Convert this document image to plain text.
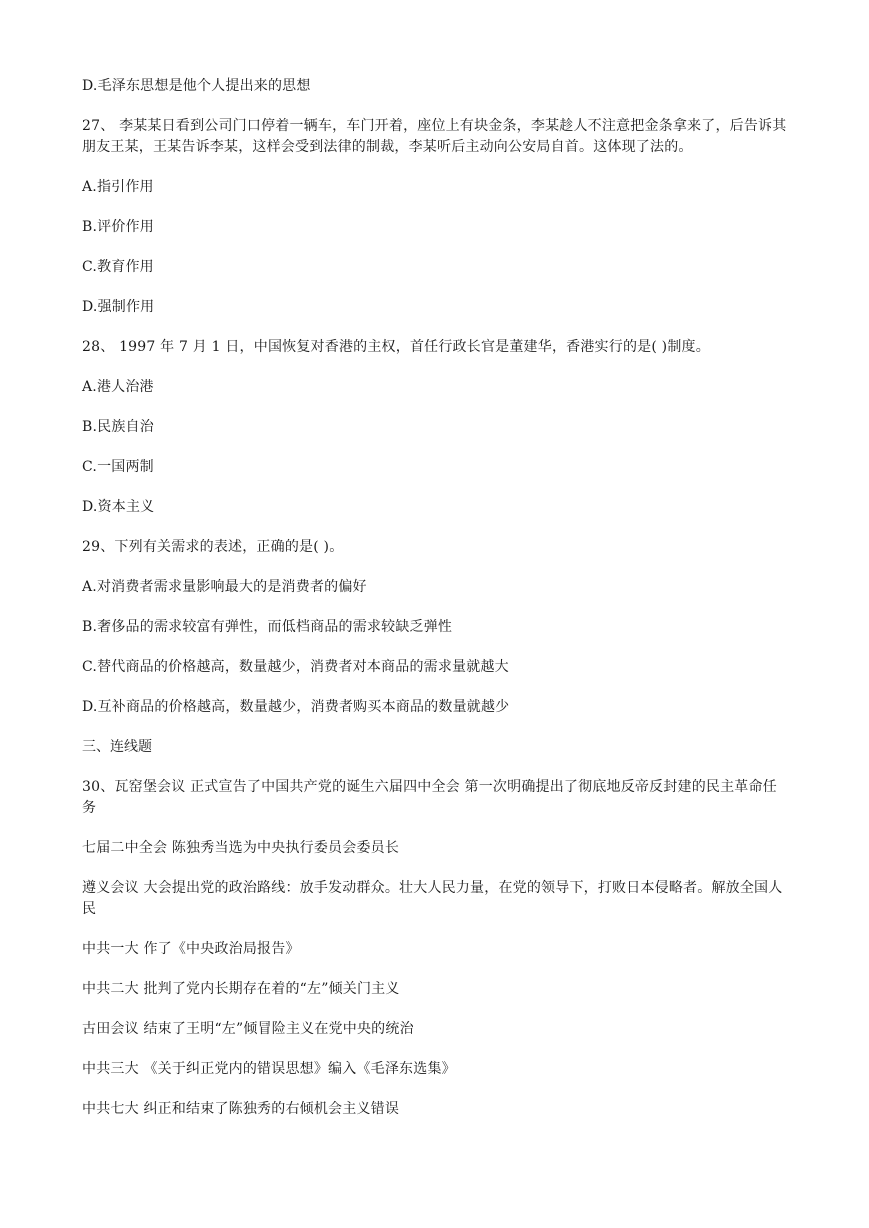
D.毛泽东思想是他个人提出来的思想

27、 李某某日看到公司门口停着一辆车，车门开着，座位上有块金条，李某趁人不注意把金条拿来了，后告诉其朋友王某，王某告诉李某，这样会受到法律的制裁，李某听后主动向公安局自首。这体现了法的。

A.指引作用

B.评价作用

C.教育作用

D.强制作用

28、 1997 年 7 月 1 日，中国恢复对香港的主权，首任行政长官是董建华，香港实行的是( )制度。

A.港人治港

B.民族自治

C.一国两制

D.资本主义

29、下列有关需求的表述，正确的是( )。

A.对消费者需求量影响最大的是消费者的偏好

B.奢侈品的需求较富有弹性，而低档商品的需求较缺乏弹性

C.替代商品的价格越高，数量越少，消费者对本商品的需求量就越大

D.互补商品的价格越高，数量越少，消费者购买本商品的数量就越少

三、连线题

30、瓦窑堡会议 正式宣告了中国共产党的诞生六届四中全会 第一次明确提出了彻底地反帝反封建的民主革命任务

七届二中全会 陈独秀当选为中央执行委员会委员长

遵义会议 大会提出党的政治路线：放手发动群众。壮大人民力量，在党的领导下，打败日本侵略者。解放全国人民

中共一大 作了《中央政治局报告》

中共二大 批判了党内长期存在着的“左”倾关门主义

古田会议 结束了王明“左”倾冒险主义在党中央的统治

中共三大 《关于纠正党内的错误思想》编入《毛泽东选集》

中共七大 纠正和结束了陈独秀的右倾机会主义错误
